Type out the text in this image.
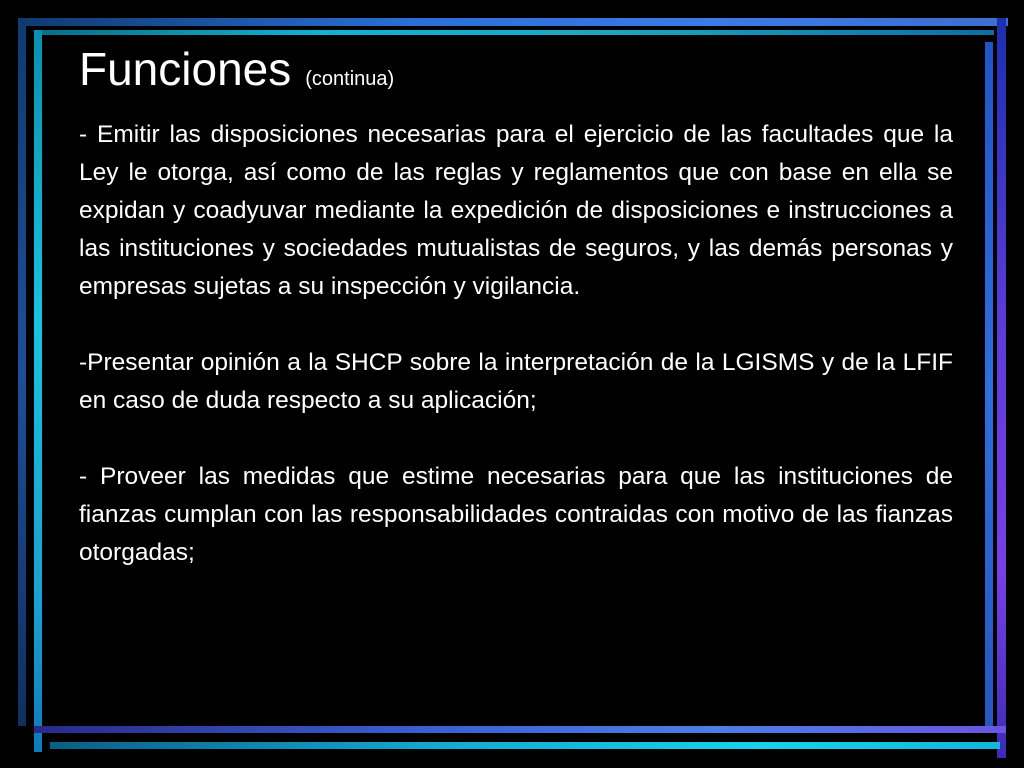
Funciones (continua)

- Emitir las disposiciones necesarias para el ejercicio de las facultades que la Ley le otorga, así como de las reglas y reglamentos que con base en ella se expidan y coadyuvar mediante la expedición de disposiciones e instrucciones a las instituciones y sociedades mutualistas de seguros, y las demás personas y empresas sujetas a su inspección y vigilancia.

-Presentar opinión a la SHCP sobre la interpretación de la LGISMS y de la LFIF en caso de duda respecto a su aplicación;

- Proveer las medidas que estime necesarias para que las instituciones de fianzas cumplan con las responsabilidades contraidas con motivo de las fianzas otorgadas;
